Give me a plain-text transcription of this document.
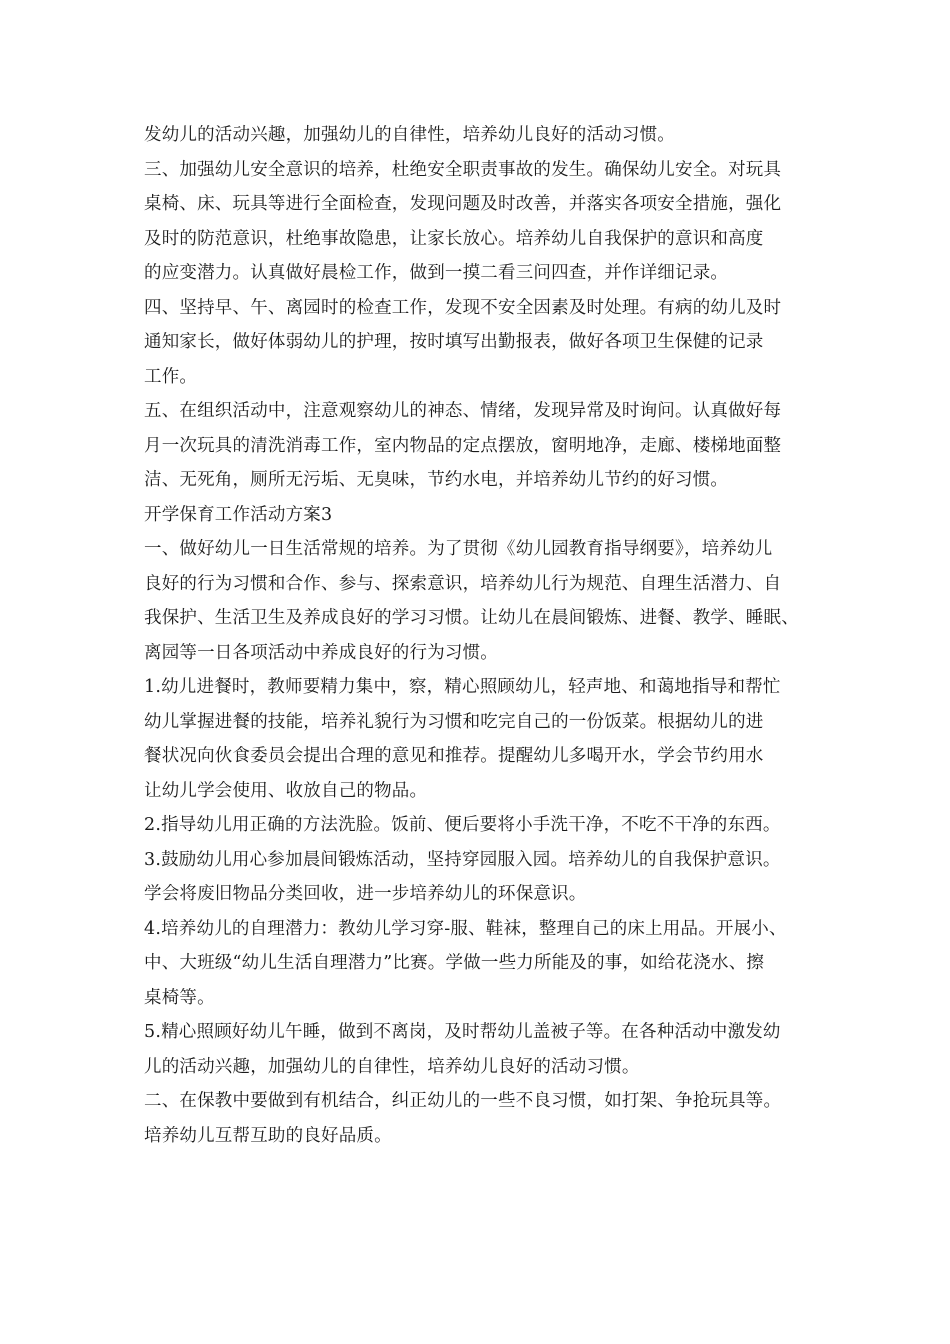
发幼儿的活动兴趣，加强幼儿的自律性，培养幼儿良好的活动习惯。
三、加强幼儿安全意识的培养，杜绝安全职责事故的发生。确保幼儿安全。对玩具
桌椅、床、玩具等进行全面检查，发现问题及时改善，并落实各项安全措施，强化
及时的防范意识，杜绝事故隐患，让家长放心。培养幼儿自我保护的意识和高度
的应变潜力。认真做好晨检工作，做到一摸二看三问四查，并作详细记录。
四、坚持早、午、离园时的检查工作，发现不安全因素及时处理。有病的幼儿及时
通知家长，做好体弱幼儿的护理，按时填写出勤报表，做好各项卫生保健的记录
工作。
五、在组织活动中，注意观察幼儿的神态、情绪，发现异常及时询问。认真做好每
月一次玩具的清洗消毒工作，室内物品的定点摆放，窗明地净，走廊、楼梯地面整
洁、无死角，厕所无污垢、无臭味，节约水电，并培养幼儿节约的好习惯。
开学保育工作活动方案3
一、做好幼儿一日生活常规的培养。为了贯彻《幼儿园教育指导纲要》，培养幼儿
良好的行为习惯和合作、参与、探索意识，培养幼儿行为规范、自理生活潜力、自
我保护、生活卫生及养成良好的学习习惯。让幼儿在晨间锻炼、进餐、教学、睡眠、
离园等一日各项活动中养成良好的行为习惯。
1.幼儿进餐时，教师要精力集中，察，精心照顾幼儿，轻声地、和蔼地指导和帮忙
幼儿掌握进餐的技能，培养礼貌行为习惯和吃完自己的一份饭菜。根据幼儿的进
餐状况向伙食委员会提出合理的意见和推荐。提醒幼儿多喝开水，学会节约用水
让幼儿学会使用、收放自己的物品。
2.指导幼儿用正确的方法洗脸。饭前、便后要将小手洗干净，不吃不干净的东西。
3.鼓励幼儿用心参加晨间锻炼活动，坚持穿园服入园。培养幼儿的自我保护意识。
学会将废旧物品分类回收，进一步培养幼儿的环保意识。
4.培养幼儿的自理潜力：教幼儿学习穿-服、鞋袜，整理自己的床上用品。开展小、
中、大班级“幼儿生活自理潜力”比赛。学做一些力所能及的事，如给花浇水、擦
桌椅等。
5.精心照顾好幼儿午睡，做到不离岗，及时帮幼儿盖被子等。在各种活动中激发幼
儿的活动兴趣，加强幼儿的自律性，培养幼儿良好的活动习惯。
二、在保教中要做到有机结合，纠正幼儿的一些不良习惯，如打架、争抢玩具等。
培养幼儿互帮互助的良好品质。
